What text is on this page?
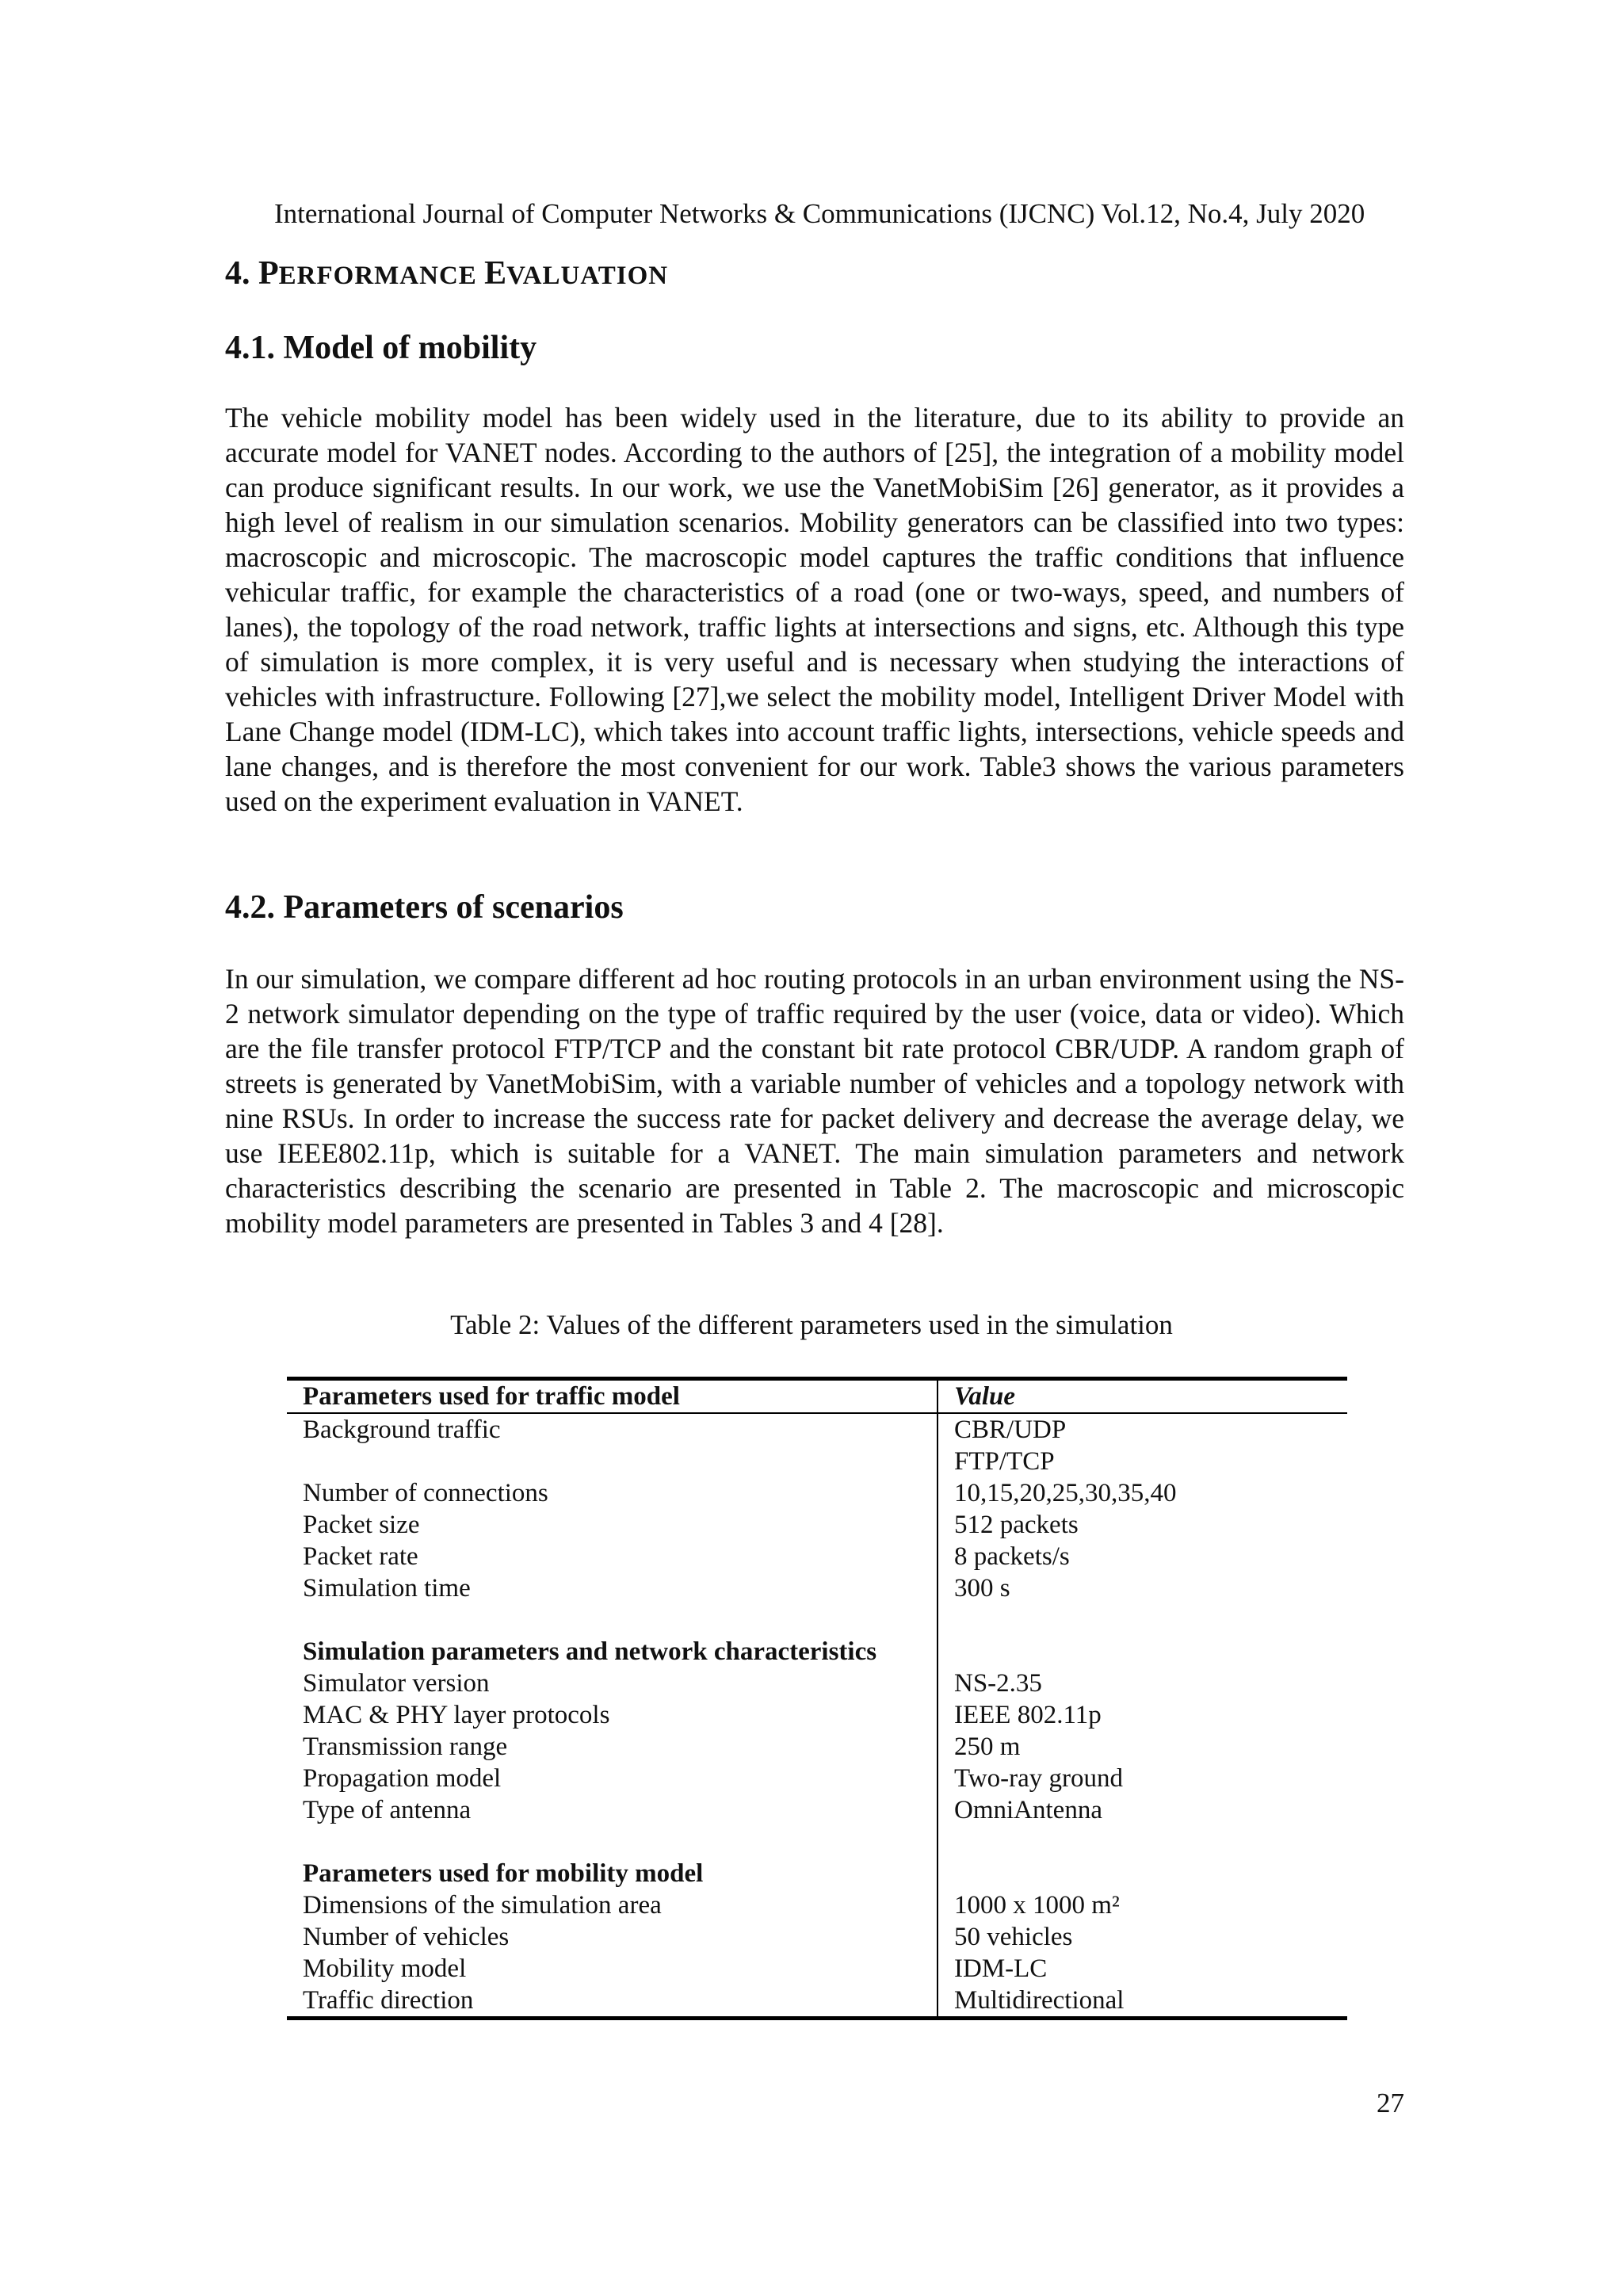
International Journal of Computer Networks & Communications (IJCNC) Vol.12, No.4, July 2020
4. PERFORMANCE EVALUATION
4.1. Model of mobility

The vehicle mobility model has been widely used in the literature, due to its ability to provide an accurate model for VANET nodes. According to the authors of [25], the integration of a mobility model can produce significant results. In our work, we use the VanetMobiSim [26] generator, as it provides a high level of realism in our simulation scenarios. Mobility generators can be classified into two types: macroscopic and microscopic. The macroscopic model captures the traffic conditions that influence vehicular traffic, for example the characteristics of a road (one or two-ways, speed, and numbers of lanes), the topology of the road network, traffic lights at intersections and signs, etc. Although this type of simulation is more complex, it is very useful and is necessary when studying the interactions of vehicles with infrastructure. Following [27],we select the mobility model, Intelligent Driver Model with Lane Change model (IDM-LC), which takes into account traffic lights, intersections, vehicle speeds and lane changes, and is therefore the most convenient for our work. Table3 shows the various parameters used on the experiment evaluation in VANET.

4.2. Parameters of scenarios

In our simulation, we compare different ad hoc routing protocols in an urban environment using the NS-2 network simulator depending on the type of traffic required by the user (voice, data or video). Which are the file transfer protocol FTP/TCP and the constant bit rate protocol CBR/UDP. A random graph of streets is generated by VanetMobiSim, with a variable number of vehicles and a topology network with nine RSUs. In order to increase the success rate for packet delivery and decrease the average delay, we use IEEE802.11p, which is suitable for a VANET. The main simulation parameters and network characteristics describing the scenario are presented in Table 2. The macroscopic and microscopic mobility model parameters are presented in Tables 3 and 4 [28].

Table 2: Values of the different parameters used in the simulation
Parameters used for traffic model	Value
Background traffic	CBR/UDP
	FTP/TCP
Number of connections	10,15,20,25,30,35,40
Packet size	512 packets
Packet rate	8 packets/s
Simulation time	300 s

Simulation parameters and network characteristics	
Simulator version	NS-2.35
MAC & PHY layer protocols	IEEE 802.11p
Transmission range	250 m
Propagation model	Two-ray ground
Type of antenna	OmniAntenna

Parameters used for mobility model	
Dimensions of the simulation area	1000 x 1000 m²
Number of vehicles	50 vehicles
Mobility model	IDM-LC
Traffic direction	Multidirectional
27
